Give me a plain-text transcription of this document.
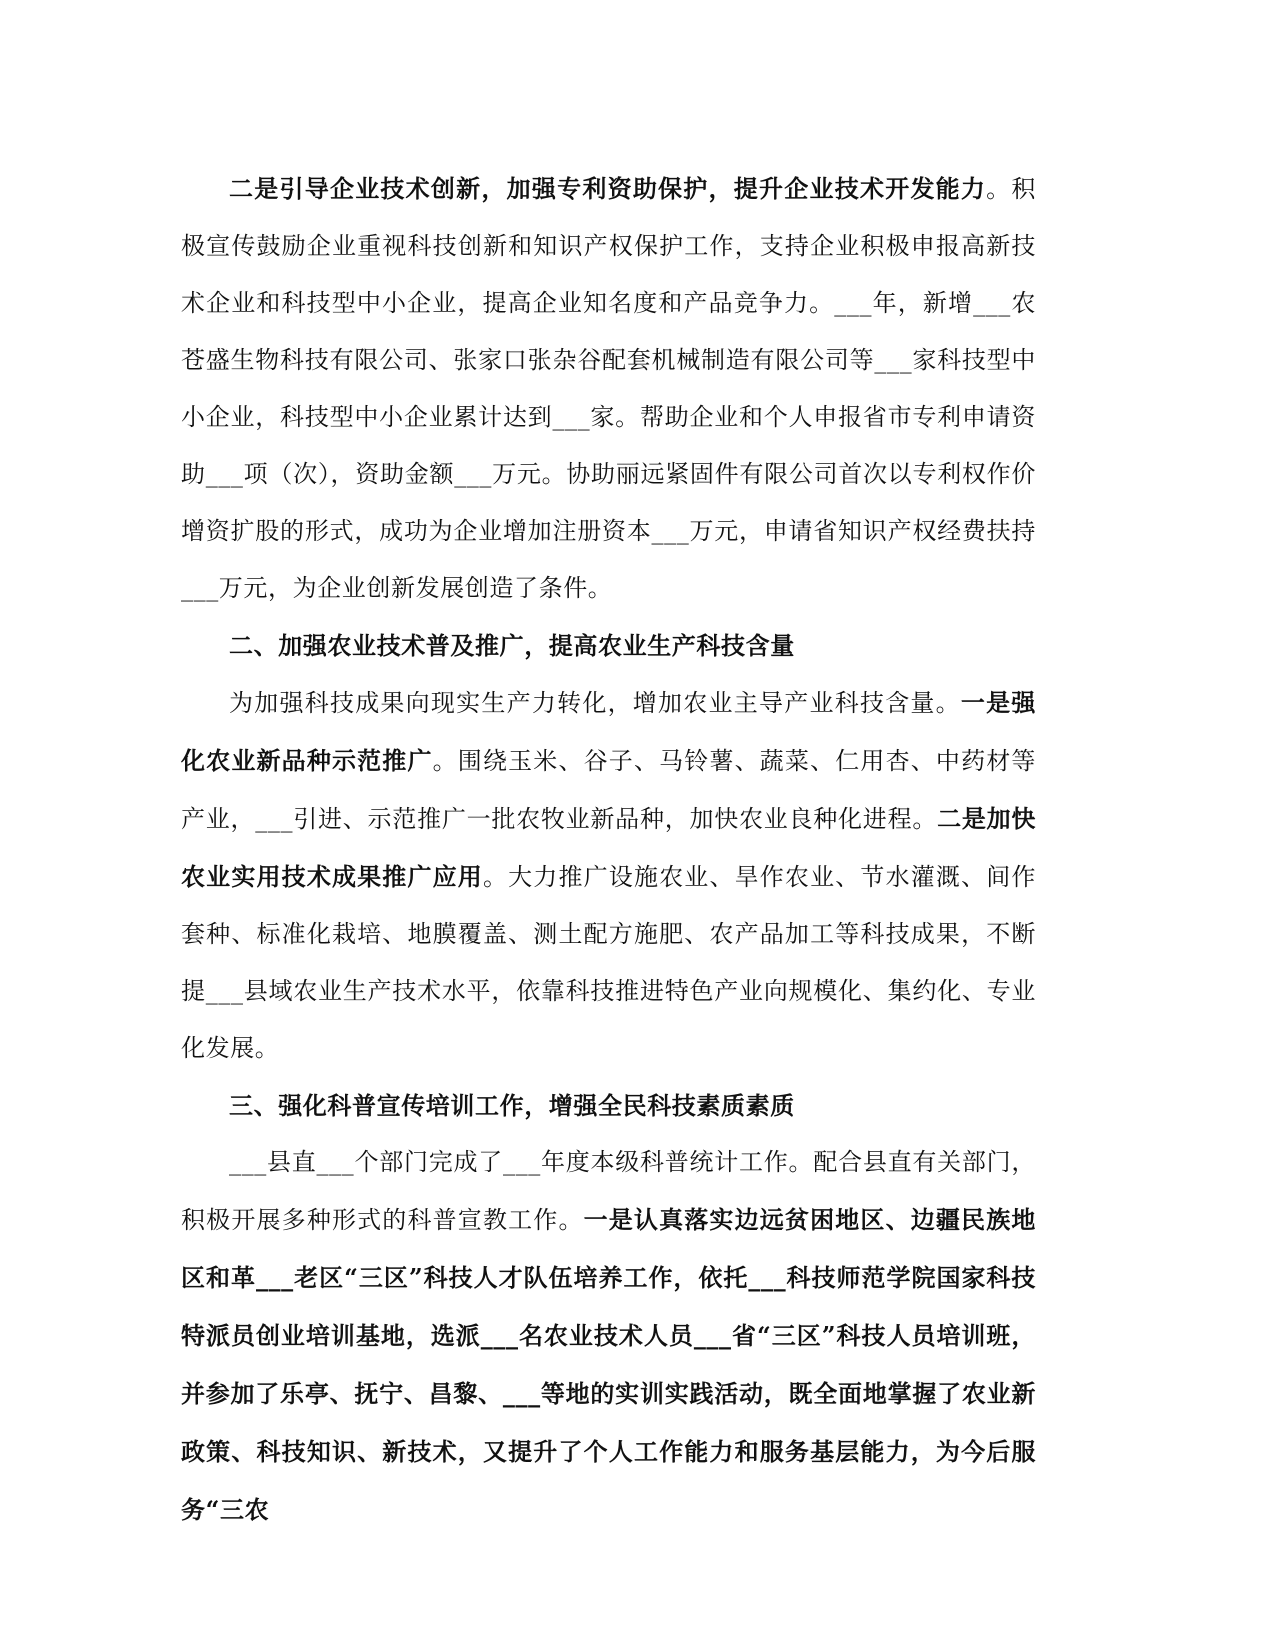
二是引导企业技术创新，加强专利资助保护，提升企业技术开发能力。积极宣传鼓励企业重视科技创新和知识产权保护工作，支持企业积极申报高新技术企业和科技型中小企业，提高企业知名度和产品竞争力。___年，新增___农苍盛生物科技有限公司、张家口张杂谷配套机械制造有限公司等___家科技型中小企业，科技型中小企业累计达到___家。帮助企业和个人申报省市专利申请资助___项（次），资助金额___万元。协助丽远紧固件有限公司首次以专利权作价增资扩股的形式，成功为企业增加注册资本___万元，申请省知识产权经费扶持___万元，为企业创新发展创造了条件。

二、加强农业技术普及推广，提高农业生产科技含量

为加强科技成果向现实生产力转化，增加农业主导产业科技含量。一是强化农业新品种示范推广。围绕玉米、谷子、马铃薯、蔬菜、仁用杏、中药材等产业，___引进、示范推广一批农牧业新品种，加快农业良种化进程。二是加快农业实用技术成果推广应用。大力推广设施农业、旱作农业、节水灌溉、间作套种、标准化栽培、地膜覆盖、测土配方施肥、农产品加工等科技成果，不断提___县域农业生产技术水平，依靠科技推进特色产业向规模化、集约化、专业化发展。

三、强化科普宣传培训工作，增强全民科技素质素质

___县直___个部门完成了___年度本级科普统计工作。配合县直有关部门，积极开展多种形式的科普宣教工作。一是认真落实边远贫困地区、边疆民族地区和革___老区“三区”科技人才队伍培养工作，依托___科技师范学院国家科技特派员创业培训基地，选派___名农业技术人员___省“三区”科技人员培训班，并参加了乐亭、抚宁、昌黎、___等地的实训实践活动，既全面地掌握了农业新政策、科技知识、新技术，又提升了个人工作能力和服务基层能力，为今后服务“三农
